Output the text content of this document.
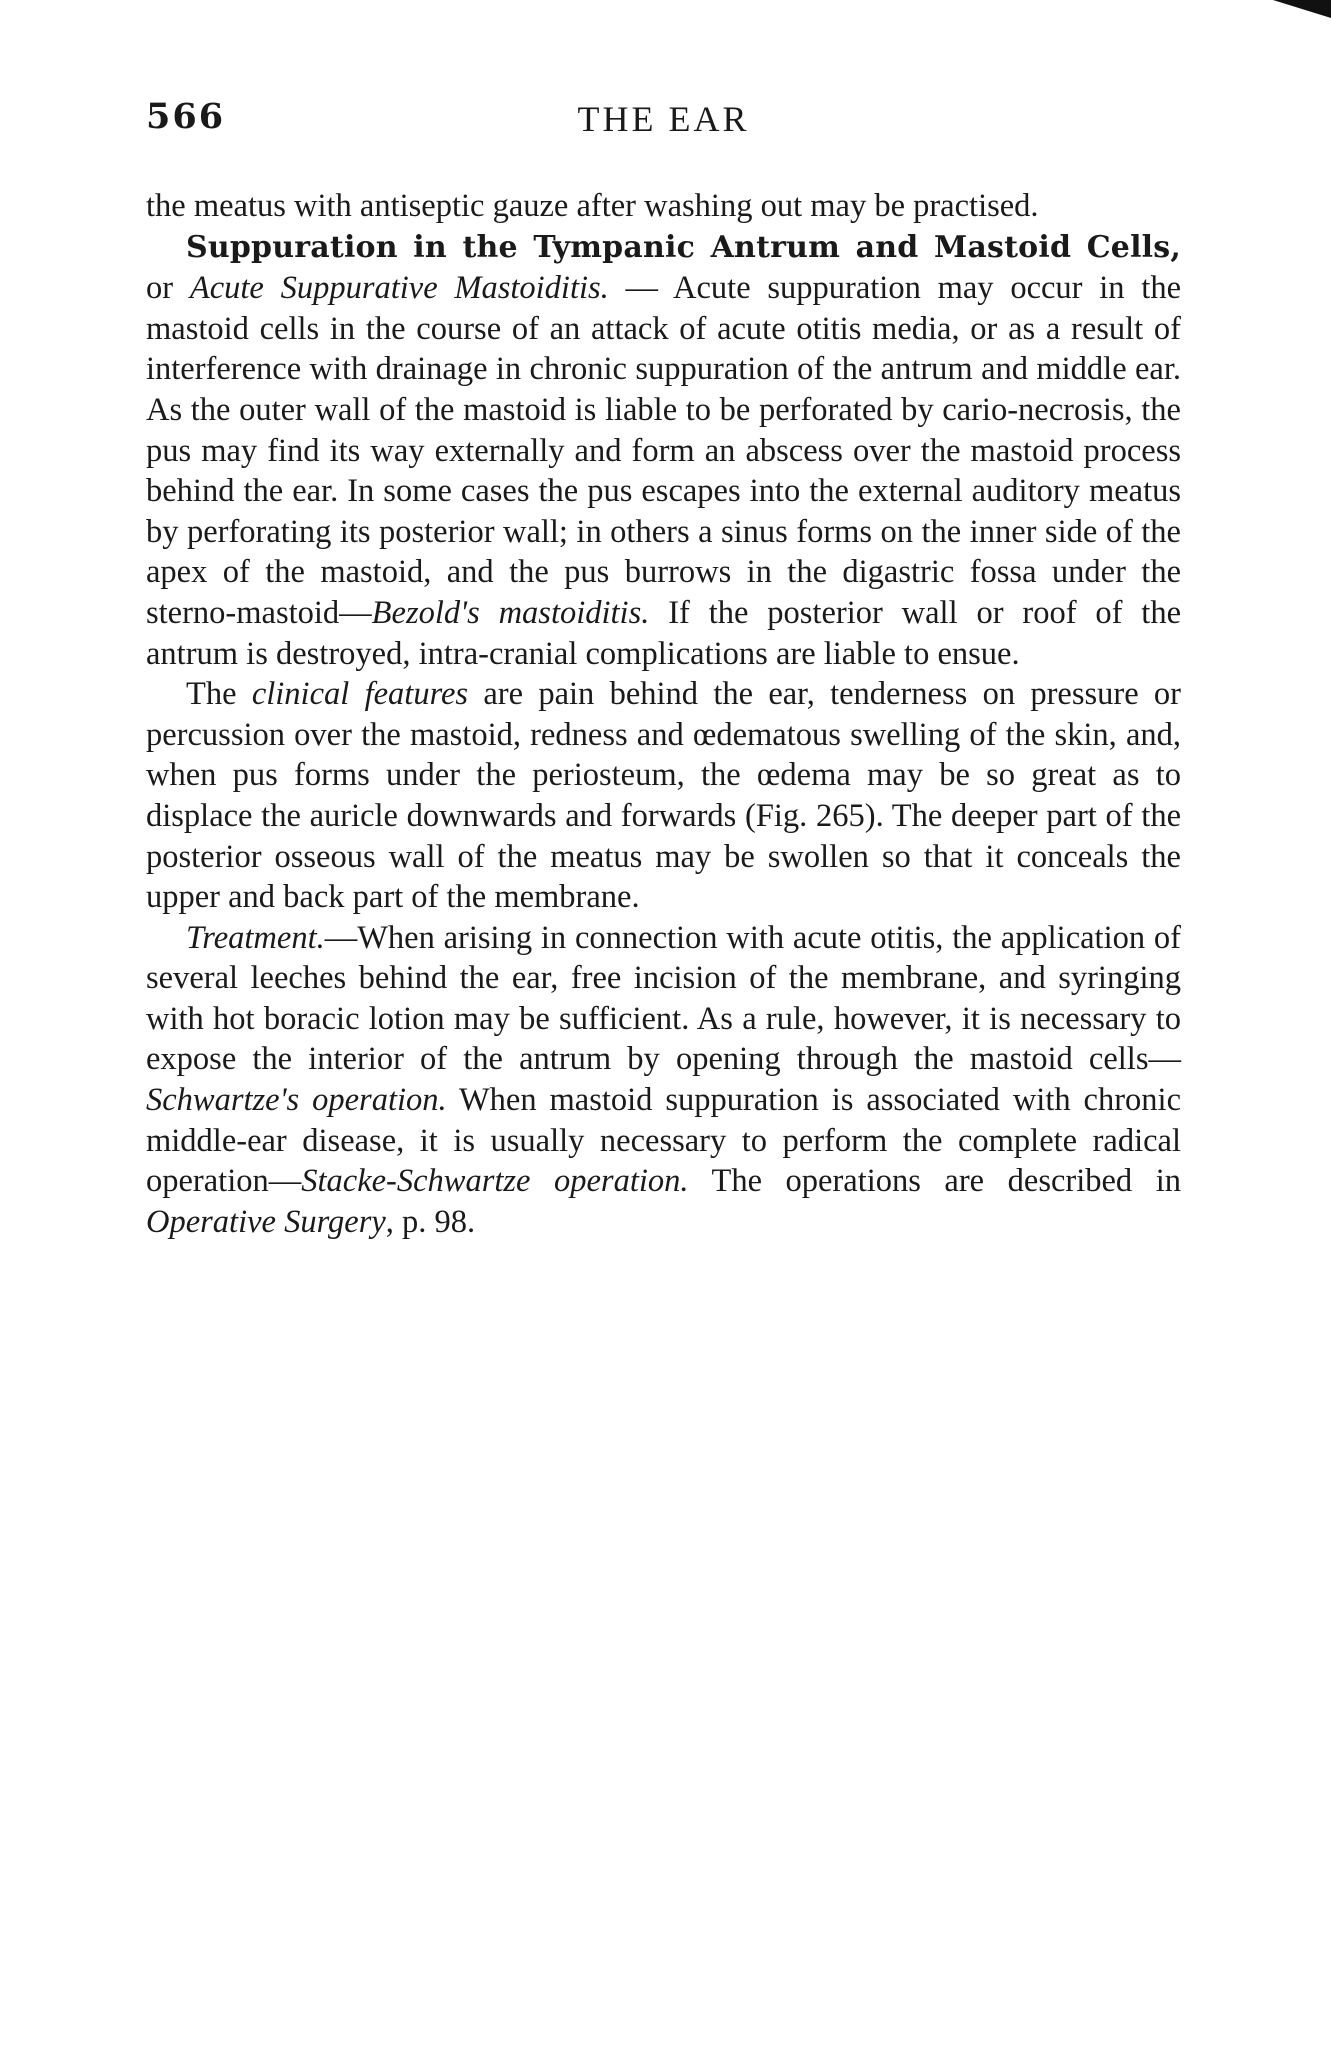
566	THE EAR

the meatus with antiseptic gauze after washing out may be practised.

Suppuration in the Tympanic Antrum and Mastoid Cells, or Acute Suppurative Mastoiditis. — Acute suppuration may occur in the mastoid cells in the course of an attack of acute otitis media, or as a result of interference with drainage in chronic suppuration of the antrum and middle ear. As the outer wall of the mastoid is liable to be perforated by cario-necrosis, the pus may find its way externally and form an abscess over the mastoid process behind the ear. In some cases the pus escapes into the external auditory meatus by perforating its posterior wall; in others a sinus forms on the inner side of the apex of the mastoid, and the pus burrows in the digastric fossa under the sterno-mastoid—Bezold's mastoiditis. If the posterior wall or roof of the antrum is destroyed, intra-cranial complications are liable to ensue.

The clinical features are pain behind the ear, tenderness on pressure or percussion over the mastoid, redness and œdematous swelling of the skin, and, when pus forms under the periosteum, the œdema may be so great as to displace the auricle downwards and forwards (Fig. 265). The deeper part of the posterior osseous wall of the meatus may be swollen so that it conceals the upper and back part of the membrane.

Treatment.—When arising in connection with acute otitis, the application of several leeches behind the ear, free incision of the membrane, and syringing with hot boracic lotion may be sufficient. As a rule, however, it is necessary to expose the interior of the antrum by opening through the mastoid cells—Schwartze's operation. When mastoid suppuration is associated with chronic middle-ear disease, it is usually necessary to perform the complete radical operation—Stacke-Schwartze operation. The operations are described in Operative Surgery, p. 98.
